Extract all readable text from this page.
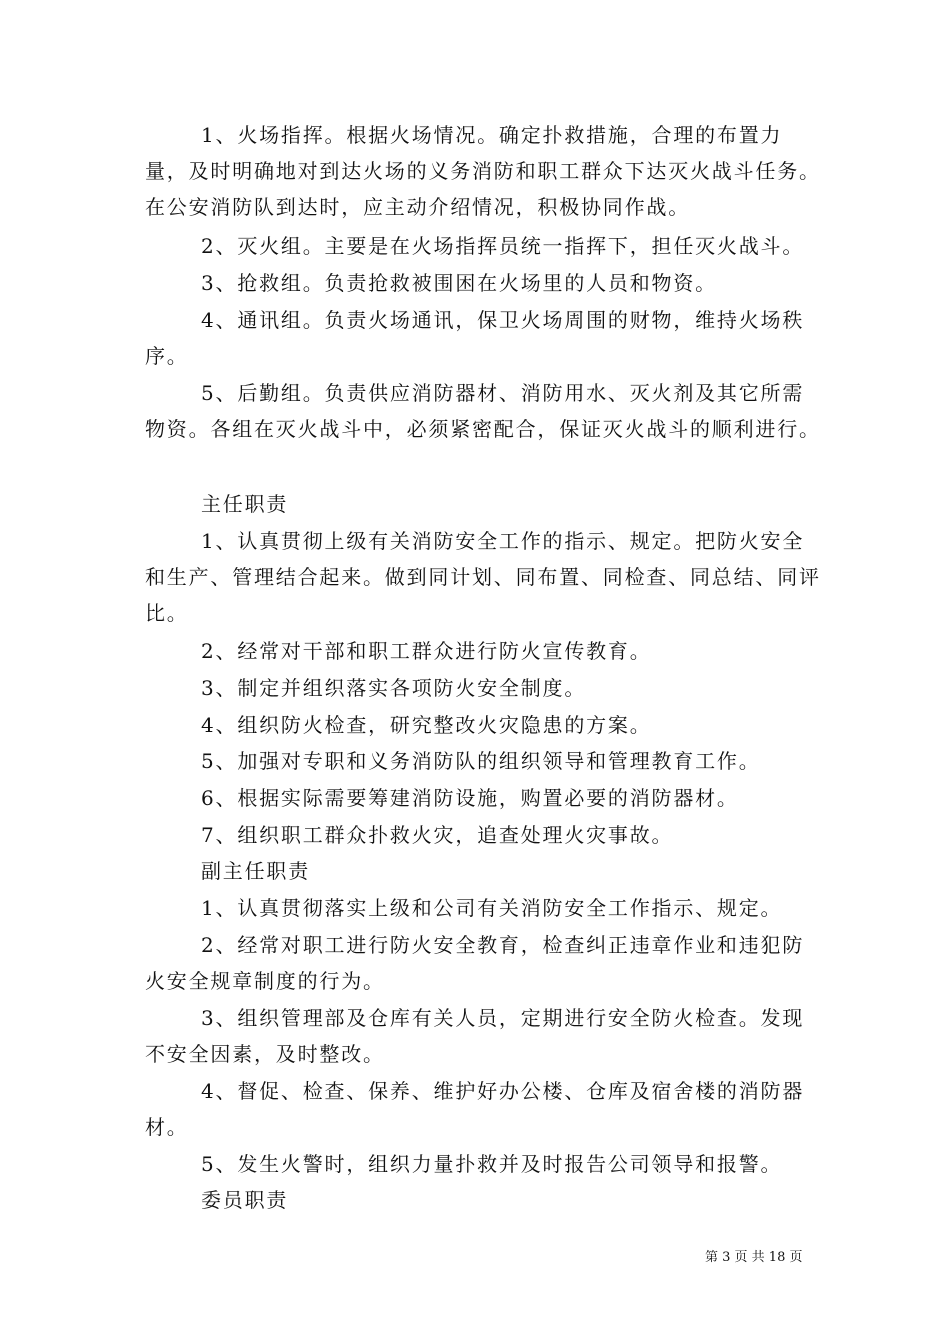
1、火场指挥。根据火场情况。确定扑救措施，合理的布置力量，及时明确地对到达火场的义务消防和职工群众下达灭火战斗任务。在公安消防队到达时，应主动介绍情况，积极协同作战。

2、灭火组。主要是在火场指挥员统一指挥下，担任灭火战斗。

3、抢救组。负责抢救被围困在火场里的人员和物资。

4、通讯组。负责火场通讯，保卫火场周围的财物，维持火场秩序。

5、后勤组。负责供应消防器材、消防用水、灭火剂及其它所需物资。各组在灭火战斗中，必须紧密配合，保证灭火战斗的顺利进行。

主任职责

1、认真贯彻上级有关消防安全工作的指示、规定。把防火安全和生产、管理结合起来。做到同计划、同布置、同检查、同总结、同评比。

2、经常对干部和职工群众进行防火宣传教育。

3、制定并组织落实各项防火安全制度。

4、组织防火检查，研究整改火灾隐患的方案。

5、加强对专职和义务消防队的组织领导和管理教育工作。

6、根据实际需要筹建消防设施，购置必要的消防器材。

7、组织职工群众扑救火灾，追查处理火灾事故。

副主任职责

1、认真贯彻落实上级和公司有关消防安全工作指示、规定。

2、经常对职工进行防火安全教育，检查纠正违章作业和违犯防火安全规章制度的行为。

3、组织管理部及仓库有关人员，定期进行安全防火检查。发现不安全因素，及时整改。

4、督促、检查、保养、维护好办公楼、仓库及宿舍楼的消防器材。

5、发生火警时，组织力量扑救并及时报告公司领导和报警。

委员职责

第 3 页 共 18 页
